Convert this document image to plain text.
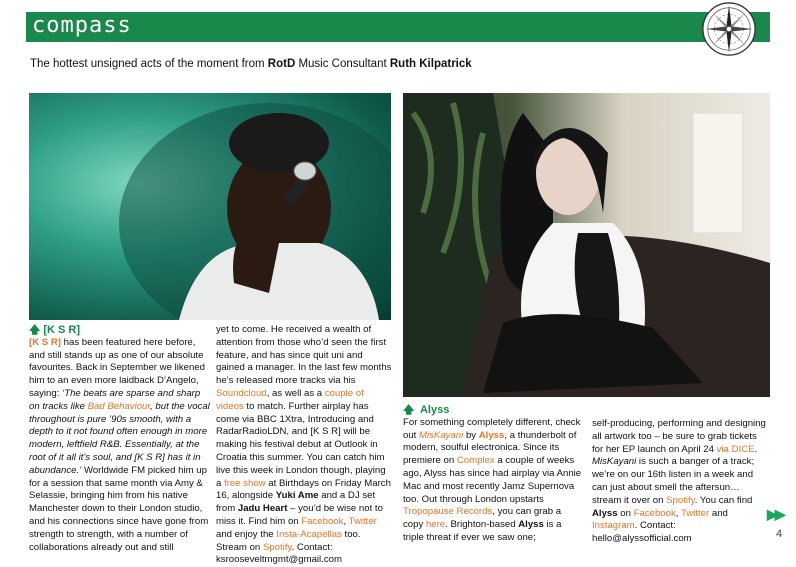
compass
The hottest unsigned acts of the moment from RotD Music Consultant Ruth Kilpatrick
🡅 [K S R]

[K S R] has been featured here before, and still stands up as one of our absolute favourites. Back in September we likened him to an even more laidback D’Angelo, saying: ‘The beats are sparse and sharp on tracks like Bad Behaviour, but the vocal throughout is pure ’90s smooth, with a depth to it not found often enough in more modern, leftfield R&B. Essentially, at the root of it all it’s soul, and [K S R] has it in abundance.’ Worldwide FM picked him up for a session that same month via Amy & Selassie, bringing him from his native Manchester down to their London studio, and his connections since have gone from strength to strength, with a number of collaborations already out and still

yet to come. He received a wealth of attention from those who’d seen the first feature, and has since quit uni and gained a manager. In the last few months he’s released more tracks via his Soundcloud, as well as a couple of videos to match. Further airplay has come via BBC 1Xtra, Introducing and RadarRadioLDN, and [K S R] will be making his festival debut at Outlook in Croatia this summer. You can catch him live this week in London though, playing a free show at Birthdays on Friday March 16, alongside Yuki Ame and a DJ set from Jadu Heart – you’d be wise not to miss it. Find him on Facebook, Twitter and enjoy the Insta-Acapellas too. Stream on Spotify. Contact: ksrooseveltmgmt@gmail.com

🡅 Alyss

For something completely different, check out MisKayani by Alyss, a thunderbolt of modern, soulful electronica. Since its premiere on Complex a couple of weeks ago, Alyss has since had airplay via Annie Mac and most recently Jamz Supernova too. Out through London upstarts Tropopause Records, you can grab a copy here. Brighton-based Alyss is a triple threat if ever we saw one;

self-producing, performing and designing all artwork too – be sure to grab tickets for her EP launch on April 24 via DICE. MisKayani is such a banger of a track; we’re on our 16th listen in a week and can just about smell the aftersun… stream it over on Spotify. You can find Alyss on Facebook, Twitter and Instagram. Contact: hello@alyssofficial.com

▶▶
4
